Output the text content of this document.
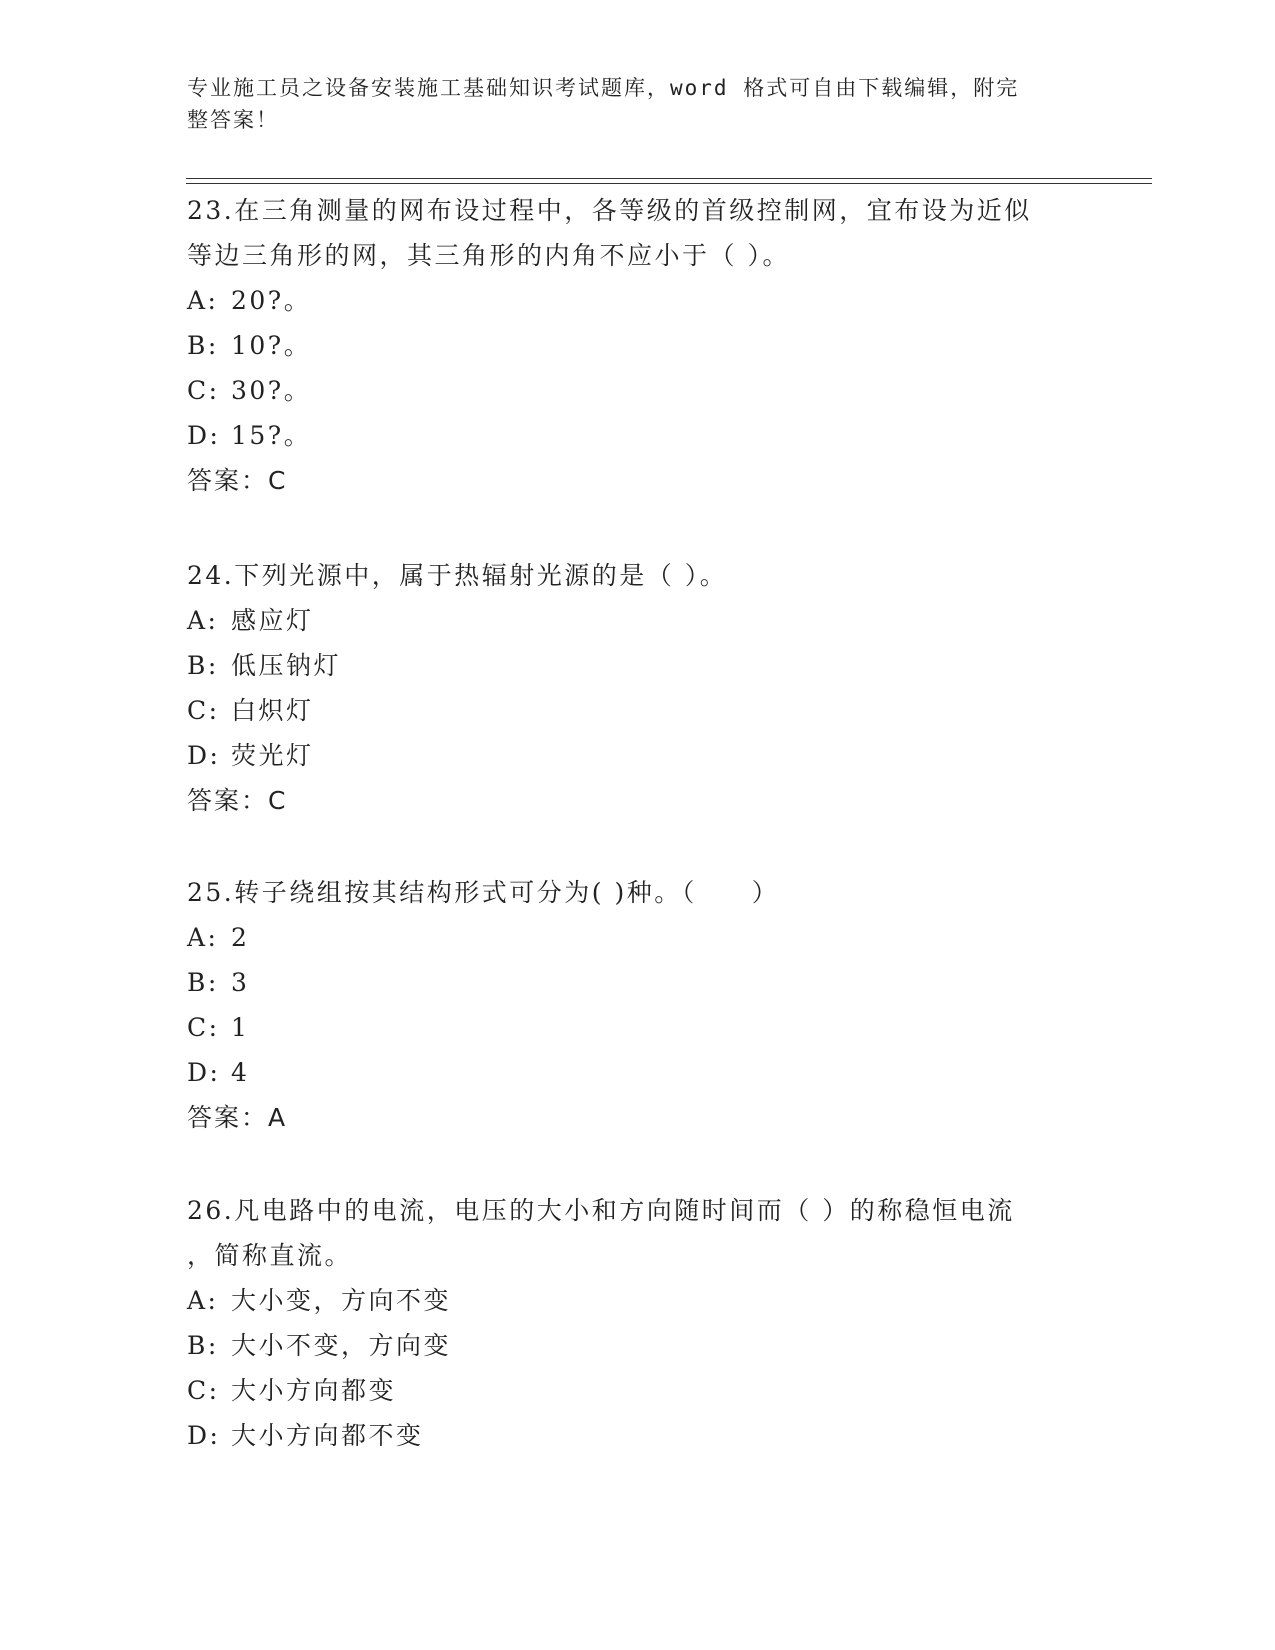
专业施工员之设备安装施工基础知识考试题库，word 格式可自由下载编辑，附完
整答案！

23.在三角测量的网布设过程中，各等级的首级控制网，宜布设为近似

等边三角形的网，其三角形的内角不应小于（ ）。

A: 20?。
B: 10?。
C: 30?。
D: 15?。

答案：C

24.下列光源中，属于热辐射光源的是（ ）。

A: 感应灯
B: 低压钠灯
C: 白炽灯
D: 荧光灯

答案：C

25.转子绕组按其结构形式可分为( )种。（　　）

A: 2
B: 3
C: 1
D: 4

答案：A

26.凡电路中的电流，电压的大小和方向随时间而（ ）的称稳恒电流

，简称直流。

A: 大小变，方向不变
B: 大小不变，方向变
C: 大小方向都变
D: 大小方向都不变
